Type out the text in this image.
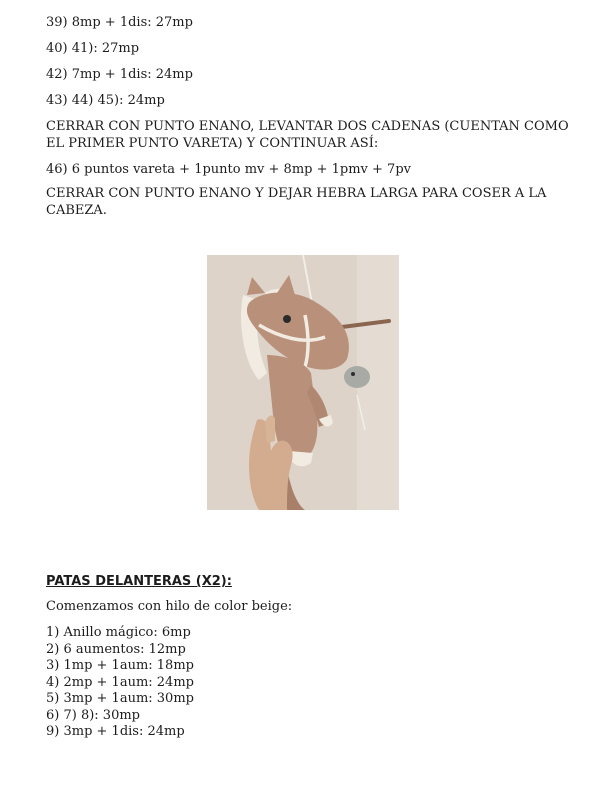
39) 8mp + 1dis: 27mp
40) 41): 27mp
42) 7mp + 1dis: 24mp
43) 44) 45): 24mp
CERRAR CON PUNTO ENANO, LEVANTAR DOS CADENAS (CUENTAN COMO EL PRIMER PUNTO VARETA) Y CONTINUAR ASÍ:
46) 6 puntos vareta + 1punto mv + 8mp + 1pmv + 7pv
CERRAR CON PUNTO ENANO Y DEJAR HEBRA LARGA PARA COSER A LA CABEZA.
PATAS DELANTERAS (X2):
Comenzamos con hilo de color beige:
1) Anillo mágico: 6mp
2) 6 aumentos: 12mp
3) 1mp + 1aum: 18mp
4) 2mp + 1aum: 24mp
5) 3mp + 1aum: 30mp
6) 7) 8): 30mp
9) 3mp + 1dis: 24mp
